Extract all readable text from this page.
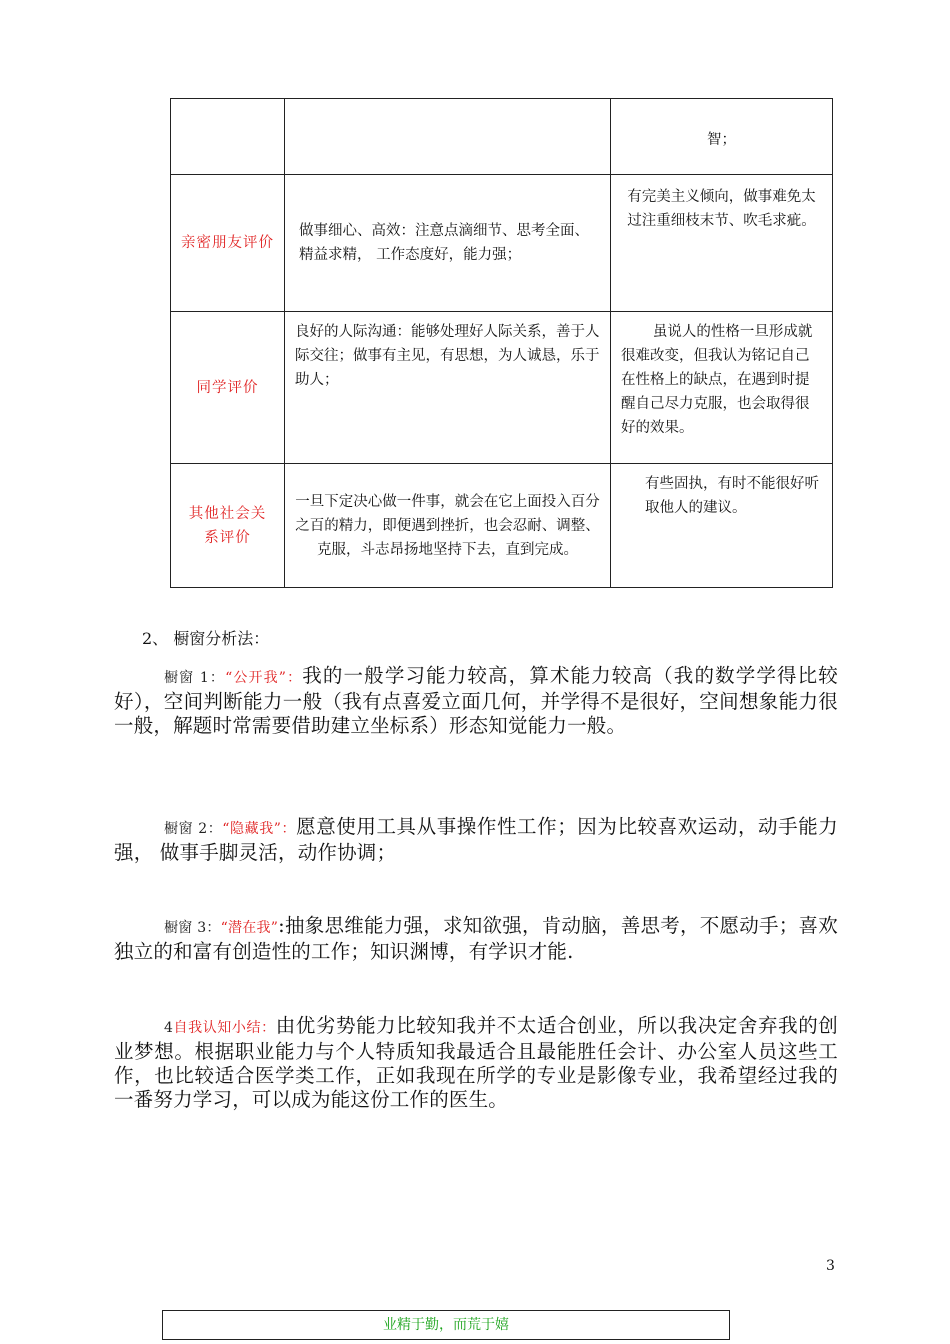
		智；
亲密朋友评价	做事细心、高效：注意点滴细节、思考全面、精益求精， 工作态度好，能力强；	有完美主义倾向，做事难免太过注重细枝末节、吹毛求疵。
同学评价	良好的人际沟通：能够处理好人际关系，善于人际交往；做事有主见，有思想，为人诚恳，乐于助人；	虽说人的性格一旦形成就很难改变，但我认为铭记自己在性格上的缺点，在遇到时提醒自己尽力克服，也会取得很好的效果。
其他社会关系评价	一旦下定决心做一件事，就会在它上面投入百分之百的精力，即便遇到挫折，也会忍耐、调整、克服，斗志昂扬地坚持下去，直到完成。	有些固执，有时不能很好听取他人的建议。
2、 橱窗分析法：
橱窗 1：“公开我”：我的一般学习能力较高，算术能力较高（我的数学学得比较好），空间判断能力一般（我有点喜爱立面几何，并学得不是很好，空间想象能力很一般，解题时常需要借助建立坐标系）形态知觉能力一般。
橱窗 2：“隐藏我”：愿意使用工具从事操作性工作；因为比较喜欢运动，动手能力强， 做事手脚灵活，动作协调；
橱窗 3：“潜在我”:抽象思维能力强，求知欲强，肯动脑，善思考，不愿动手；喜欢独立的和富有创造性的工作；知识渊博，有学识才能.
4自我认知小结：由优劣势能力比较知我并不太适合创业，所以我决定舍弃我的创业梦想。根据职业能力与个人特质知我最适合且最能胜任会计、办公室人员这些工作，也比较适合医学类工作，正如我现在所学的专业是影像专业，我希望经过我的一番努力学习，可以成为能这份工作的医生。
3
业精于勤，而荒于嬉
